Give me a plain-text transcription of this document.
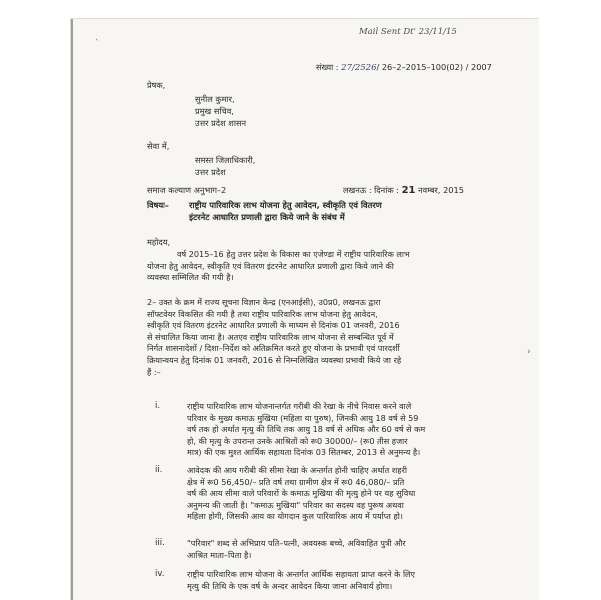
ˋ
Mail Sent Dt' 23/11/15
संख्या : 27/2526/ 26–2–2015–100(02) / 2007
प्रेषक,
सुनील कुमार,
प्रमुख सचिव,
उत्तर प्रदेश शासन
सेवा में,
समस्त जिलाधिकारी,
उत्तर प्रदेश
समाज कल्याण अनुभाग–2	लखनऊ : दिनांक : 21 नवम्बर, 2015
विषयः– राष्ट्रीय पारिवारिक लाभ योजना हेतु आवेदन, स्वीकृति एवं वितरण
इंटरनेट आधारित प्रणाली द्वारा किये जाने के संबंध में
महोदय,

वर्ष 2015–16 हेतु उत्तर प्रदेश के विकास का एजेण्डा में राष्ट्रीय पारिवारिक लाभ

योजना हेतु आवेदन, स्वीकृति एवं वितरण इंटरनेट आधारित प्रणाली द्वारा किये जाने की

व्यवस्था सम्मिलित की गयी है।

2– उक्त के क्रम में राज्य सूचना विज्ञान केन्द्र (एनआईसी), उ0प्र0, लखनऊ द्वारा

सॉफ्टवेयर विकसित की गयी है तथा राष्ट्रीय पारिवारिक लाभ योजना हेतु आवेदन,

स्वीकृति एवं वितरण इंटरनेट आधारित प्रणाली के माध्यम से दिनांक 01 जनवरी, 2016

से संचालित किया जाना है। अतएव राष्ट्रीय पारिवारिक लाभ योजना से सम्बन्धित पूर्व में

निर्गत शासनादेशों / दिशा–निर्देश को अतिक्रमित करते हुए योजना के प्रभावी एवं पारदर्शी

क्रियान्वयन हेतु दिनांक 01 जनवरी, 2016 से निम्नलिखित व्यवस्था प्रभावी किये जा रहे

हैं :–

i.	राष्ट्रीय पारिवारिक लाभ योजनान्तर्गत गरीबी की रेखा के नीचे निवास करने वाले

परिवार के मुख्य कमाऊ मुखिया (महिला या पुरुष), जिनकी आयु 18 वर्ष से 59

वर्ष तक हो अर्थात मृत्यु की तिथि तक आयु 18 वर्ष से अधिक और 60 वर्ष से कम

हो, की मृत्यु के उपरान्त उनके आश्रितों को रू0 30000/– (रू0 तीस हजार

मात्र) की एक मुश्त आर्थिक सहायता दिनांक 03 सितम्बर, 2013 से अनुमन्य है।

ii.	आवेदक की आय गरीबी की सीमा रेखा के अन्तर्गत होनी चाहिए अर्थात शहरी

क्षेत्र में रू0 56,450/– प्रति वर्ष तथा ग्रामीण क्षेत्र में रू0 46,080/– प्रति

वर्ष की आय सीमा वाले परिवारों के कमाऊ मुखिया की मृत्यु होने पर यह सुविधा

अनुमन्य की जाती है। "कमाऊ मुखिया" परिवार का सदस्य वह पुरूष अथवा

महिला होगी, जिसकी आय का योगदान कुल पारिवारिक आय में पर्याप्त हो।

iii.	"परिवार" शब्द से अभिप्राय पति–पत्नी, अवयस्क बच्चे, अविवाहित पुत्री और

आश्रित माता–पिता है।

iv.	राष्ट्रीय पारिवारिक लाभ योजना के अन्तर्गत आर्थिक सहायता प्राप्त करने के लिए

मृत्यु की तिथि के एक वर्ष के अन्दर आवेदन किया जाना अनिवार्य होगा।

›
